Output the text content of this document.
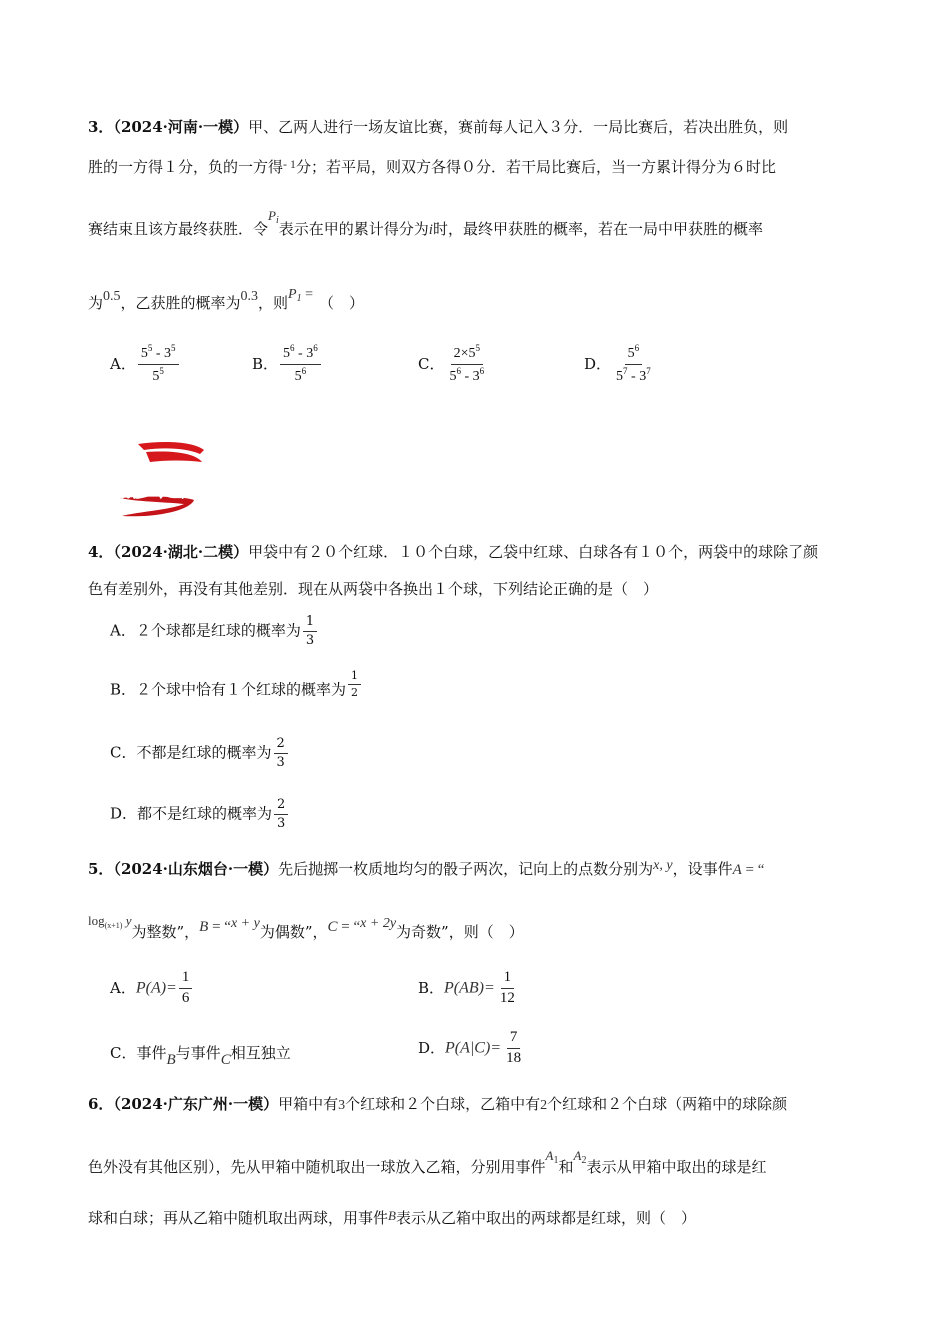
3．（2024·河南·一模）甲、乙两人进行一场友谊比赛，赛前每人记入３分．一局比赛后，若决出胜负，则
胜的一方得１分，负的一方得$^{- 1}$分；若平局，则双方各得０分．若干局比赛后，当一方累计得分为６时比
赛结束且该方最终获胜．令$P_i$表示在甲的累计得分为i时，最终甲获胜的概率，若在一局中甲获胜的概率
为0.5，乙获胜的概率为0.3，则$P_1$ = （　）
A． $\frac{5^5 - 3^5}{5^5}$	B． $\frac{5^6 - 3^6}{5^6}$	C． $\frac{2\times 5^5}{5^6 - 3^6}$	D． $\frac{5^6}{5^7 - 3^7}$
热点多选题
4．（2024·湖北·二模）甲袋中有２０个红球．１０个白球，乙袋中红球、白球各有１０个，两袋中的球除了颜
色有差别外，再没有其他差别．现在从两袋中各换出１个球，下列结论正确的是（　）
A．２个球都是红球的概率为 $\frac{1}{3}$
B．２个球中恰有１个红球的概率为 $\frac{1}{2}$
C．不都是红球的概率为 $\frac{2}{3}$
D．都不是红球的概率为 $\frac{2}{3}$
5．（2024·山东烟台·一模）先后抛掷一枚质地均匀的骰子两次，记向上的点数分别为x, y，设事件A = “
$\log_{(x+1)} y$为整数”，B = “x + y为偶数”，C = “x + 2y为奇数”，则（　）
A．$P(A)= \frac{1}{6}$	B．$P(AB)= \frac{1}{12}$
C．事件B与事件C相互独立	D．$P(A|C)= \frac{7}{18}$
6．（2024·广东广州·一模）甲箱中有3个红球和２个白球，乙箱中有2个红球和２个白球（两箱中的球除颜
色外没有其他区别），先从甲箱中随机取出一球放入乙箱，分别用事件$A_1$和$A_2$表示从甲箱中取出的球是红
球和白球；再从乙箱中随机取出两球，用事件B表示从乙箱中取出的两球都是红球，则（　）
